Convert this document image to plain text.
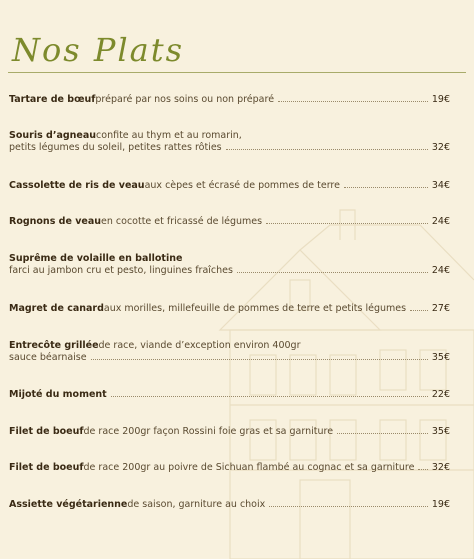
Nos Plats
Tartare de bœuf préparé par nos soins ou non préparé	19€
Souris d’agneau confite au thym et au romarin,
petits légumes du soleil, petites rattes rôties	32€
Cassolette de ris de veau aux cèpes et écrasé de pommes de terre	34€
Rognons de veau en cocotte et fricassé de légumes	24€
Suprême de volaille en ballotine
farci au jambon cru et pesto, linguines fraîches	24€
Magret de canard aux morilles, millefeuille de pommes de terre et petits légumes	27€
Entrecôte grillée de race, viande d’exception environ 400gr
sauce béarnaise	35€
Mijoté du moment	22€
Filet de boeuf de race 200gr façon Rossini foie gras et sa garniture	35€
Filet de boeuf de race 200gr au poivre de Sichuan flambé au cognac et sa garniture 32€
Assiette végétarienne de saison, garniture au choix	19€
